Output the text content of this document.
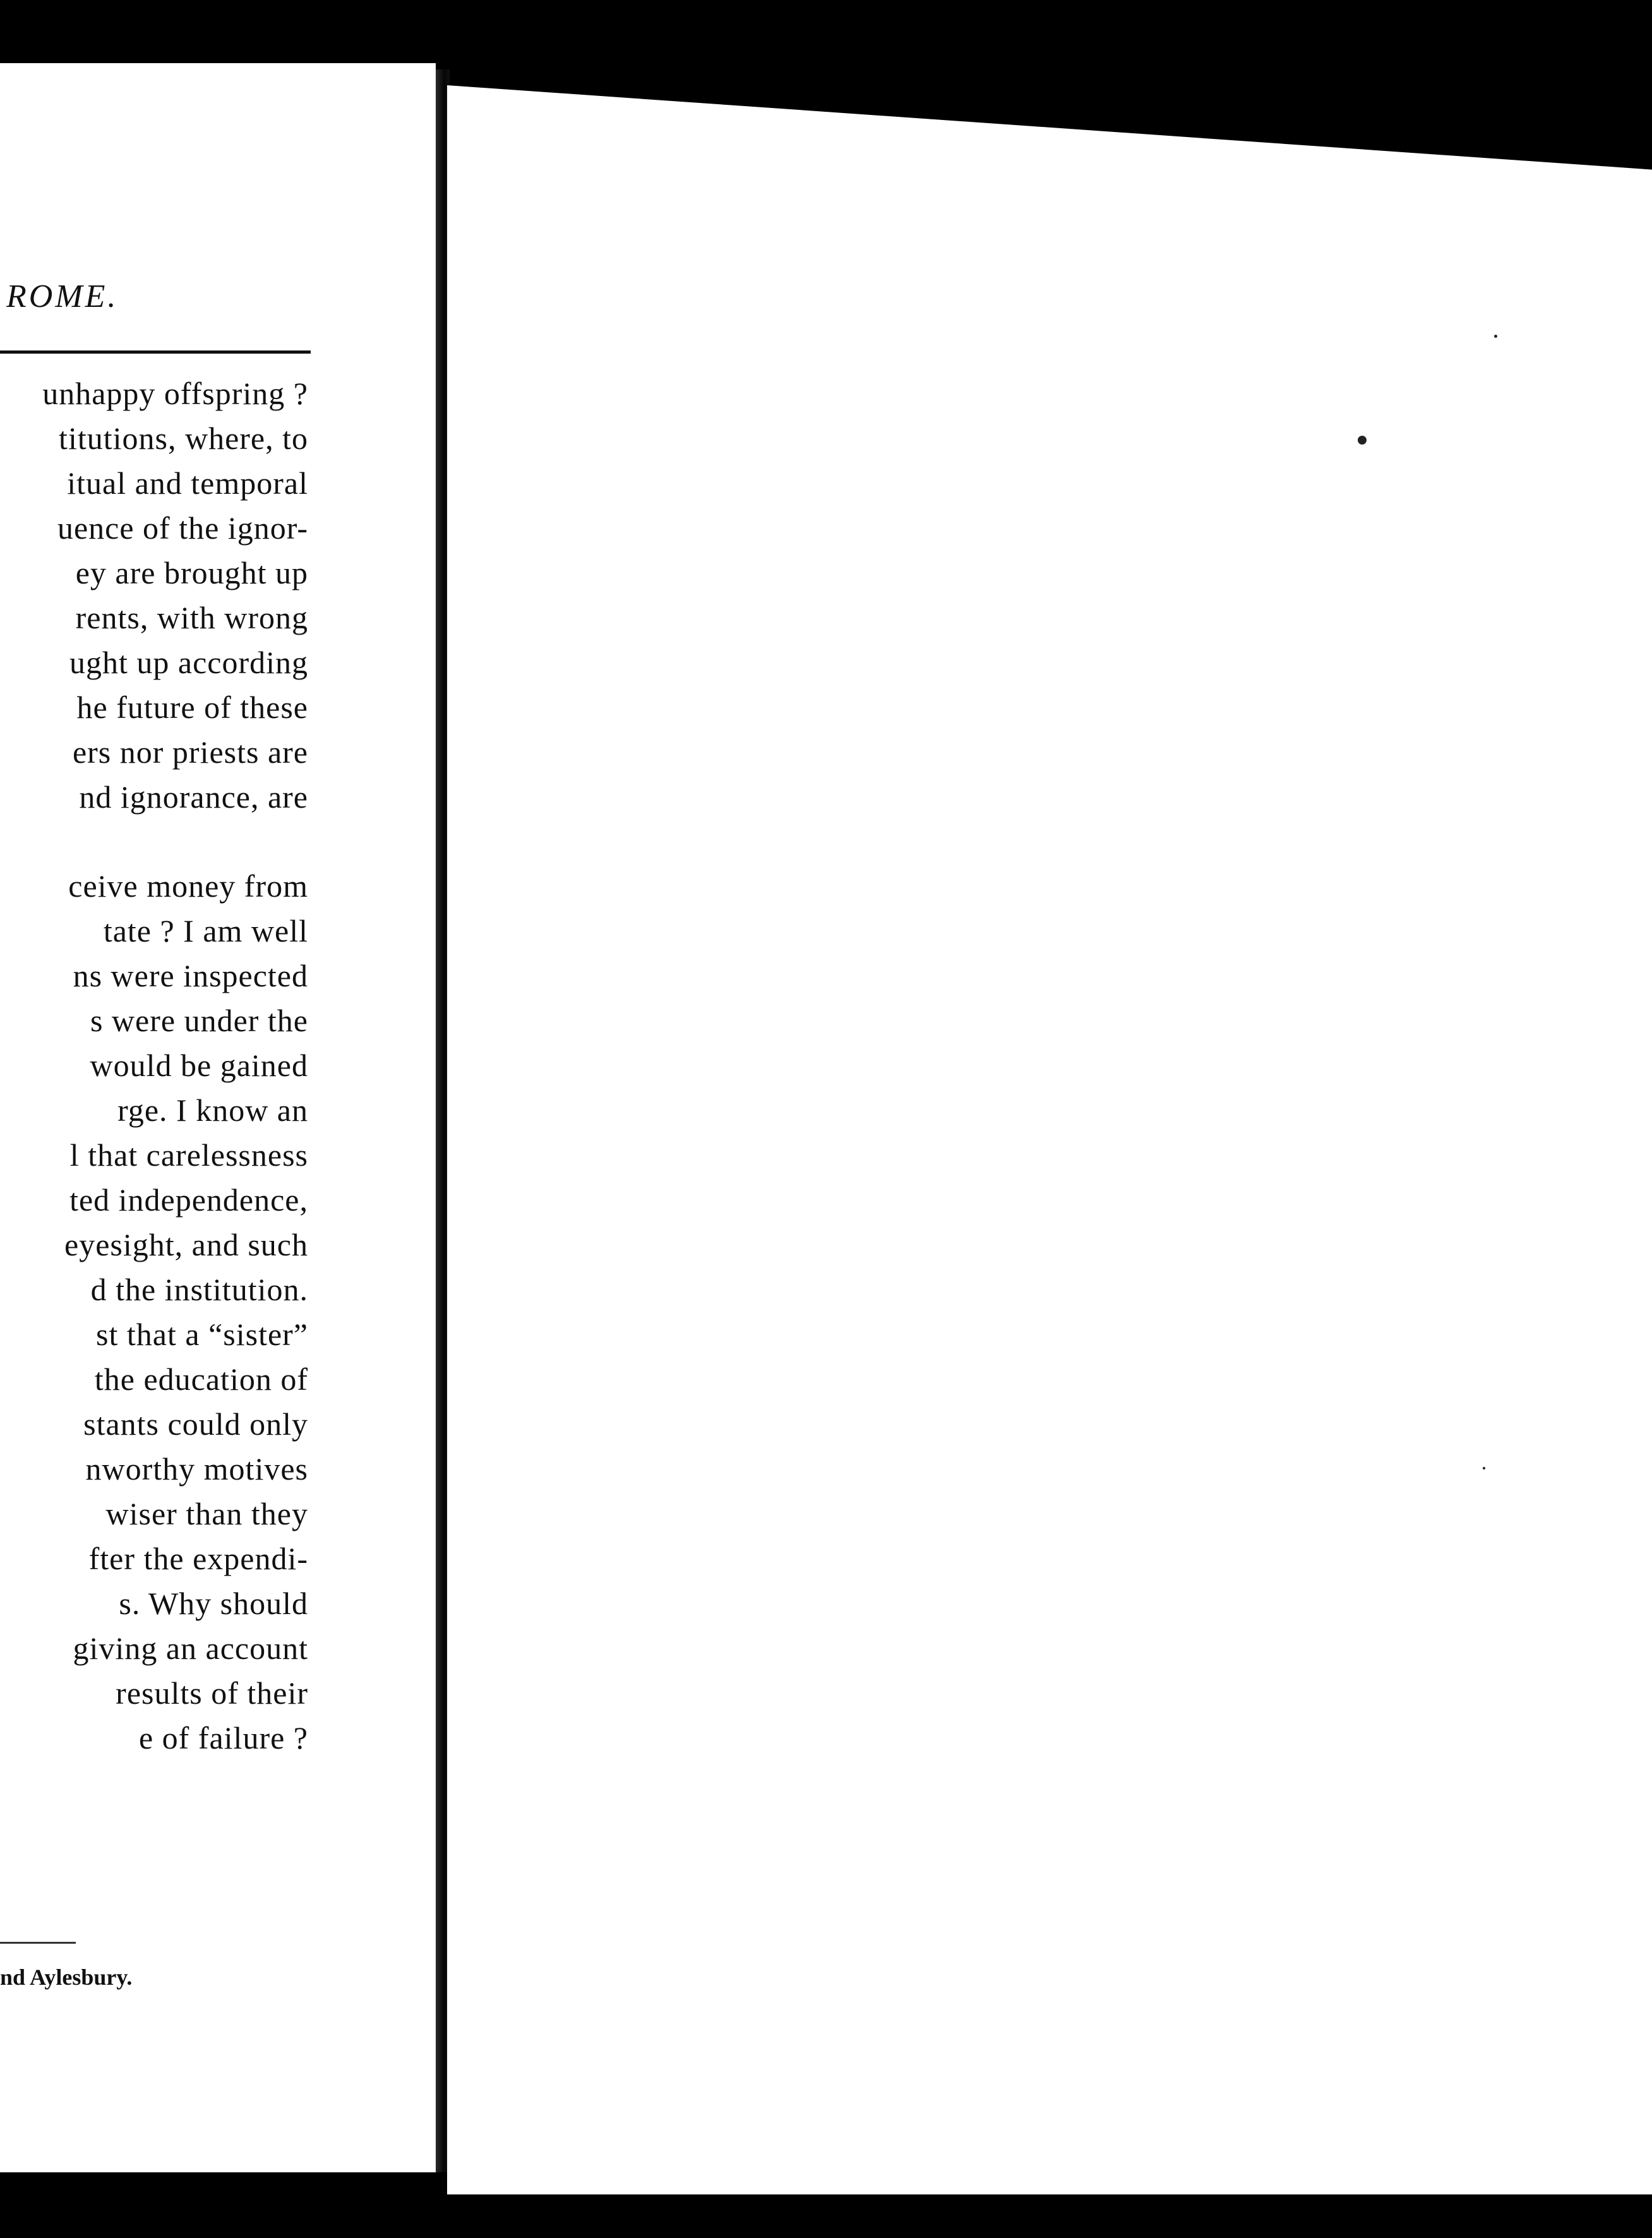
ROME.
unhappy offspring ?
titutions, where, to
itual and temporal
uence of the ignor-
ey are brought up
rents, with wrong
ught up according
he future of these
ers nor priests are
nd ignorance, are
ceive money from
tate ? I am well
ns were inspected
s were under the
would be gained
rge. I know an
l that carelessness
ted independence,
eyesight, and such
d the institution.
st that a “sister”
the education of
stants could only
nworthy motives
wiser than they
fter the expendi-
s. Why should
giving an account
results of their
e of failure ?
nd Aylesbury.
